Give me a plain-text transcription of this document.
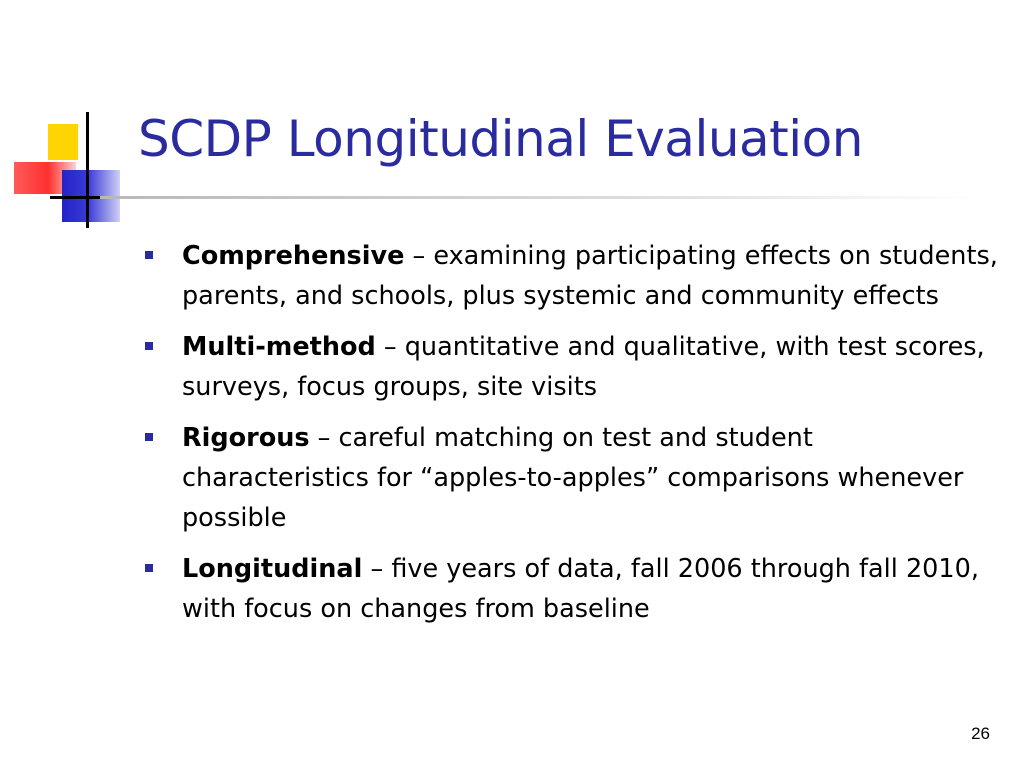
SCDP Longitudinal Evaluation
Comprehensive – examining participating effects on students, parents, and schools, plus systemic and community effects
Multi-method – quantitative and qualitative, with test scores, surveys, focus groups, site visits
Rigorous – careful matching on test and student characteristics for “apples-to-apples” comparisons whenever possible
Longitudinal – five years of data, fall 2006 through fall 2010, with focus on changes from baseline
26
